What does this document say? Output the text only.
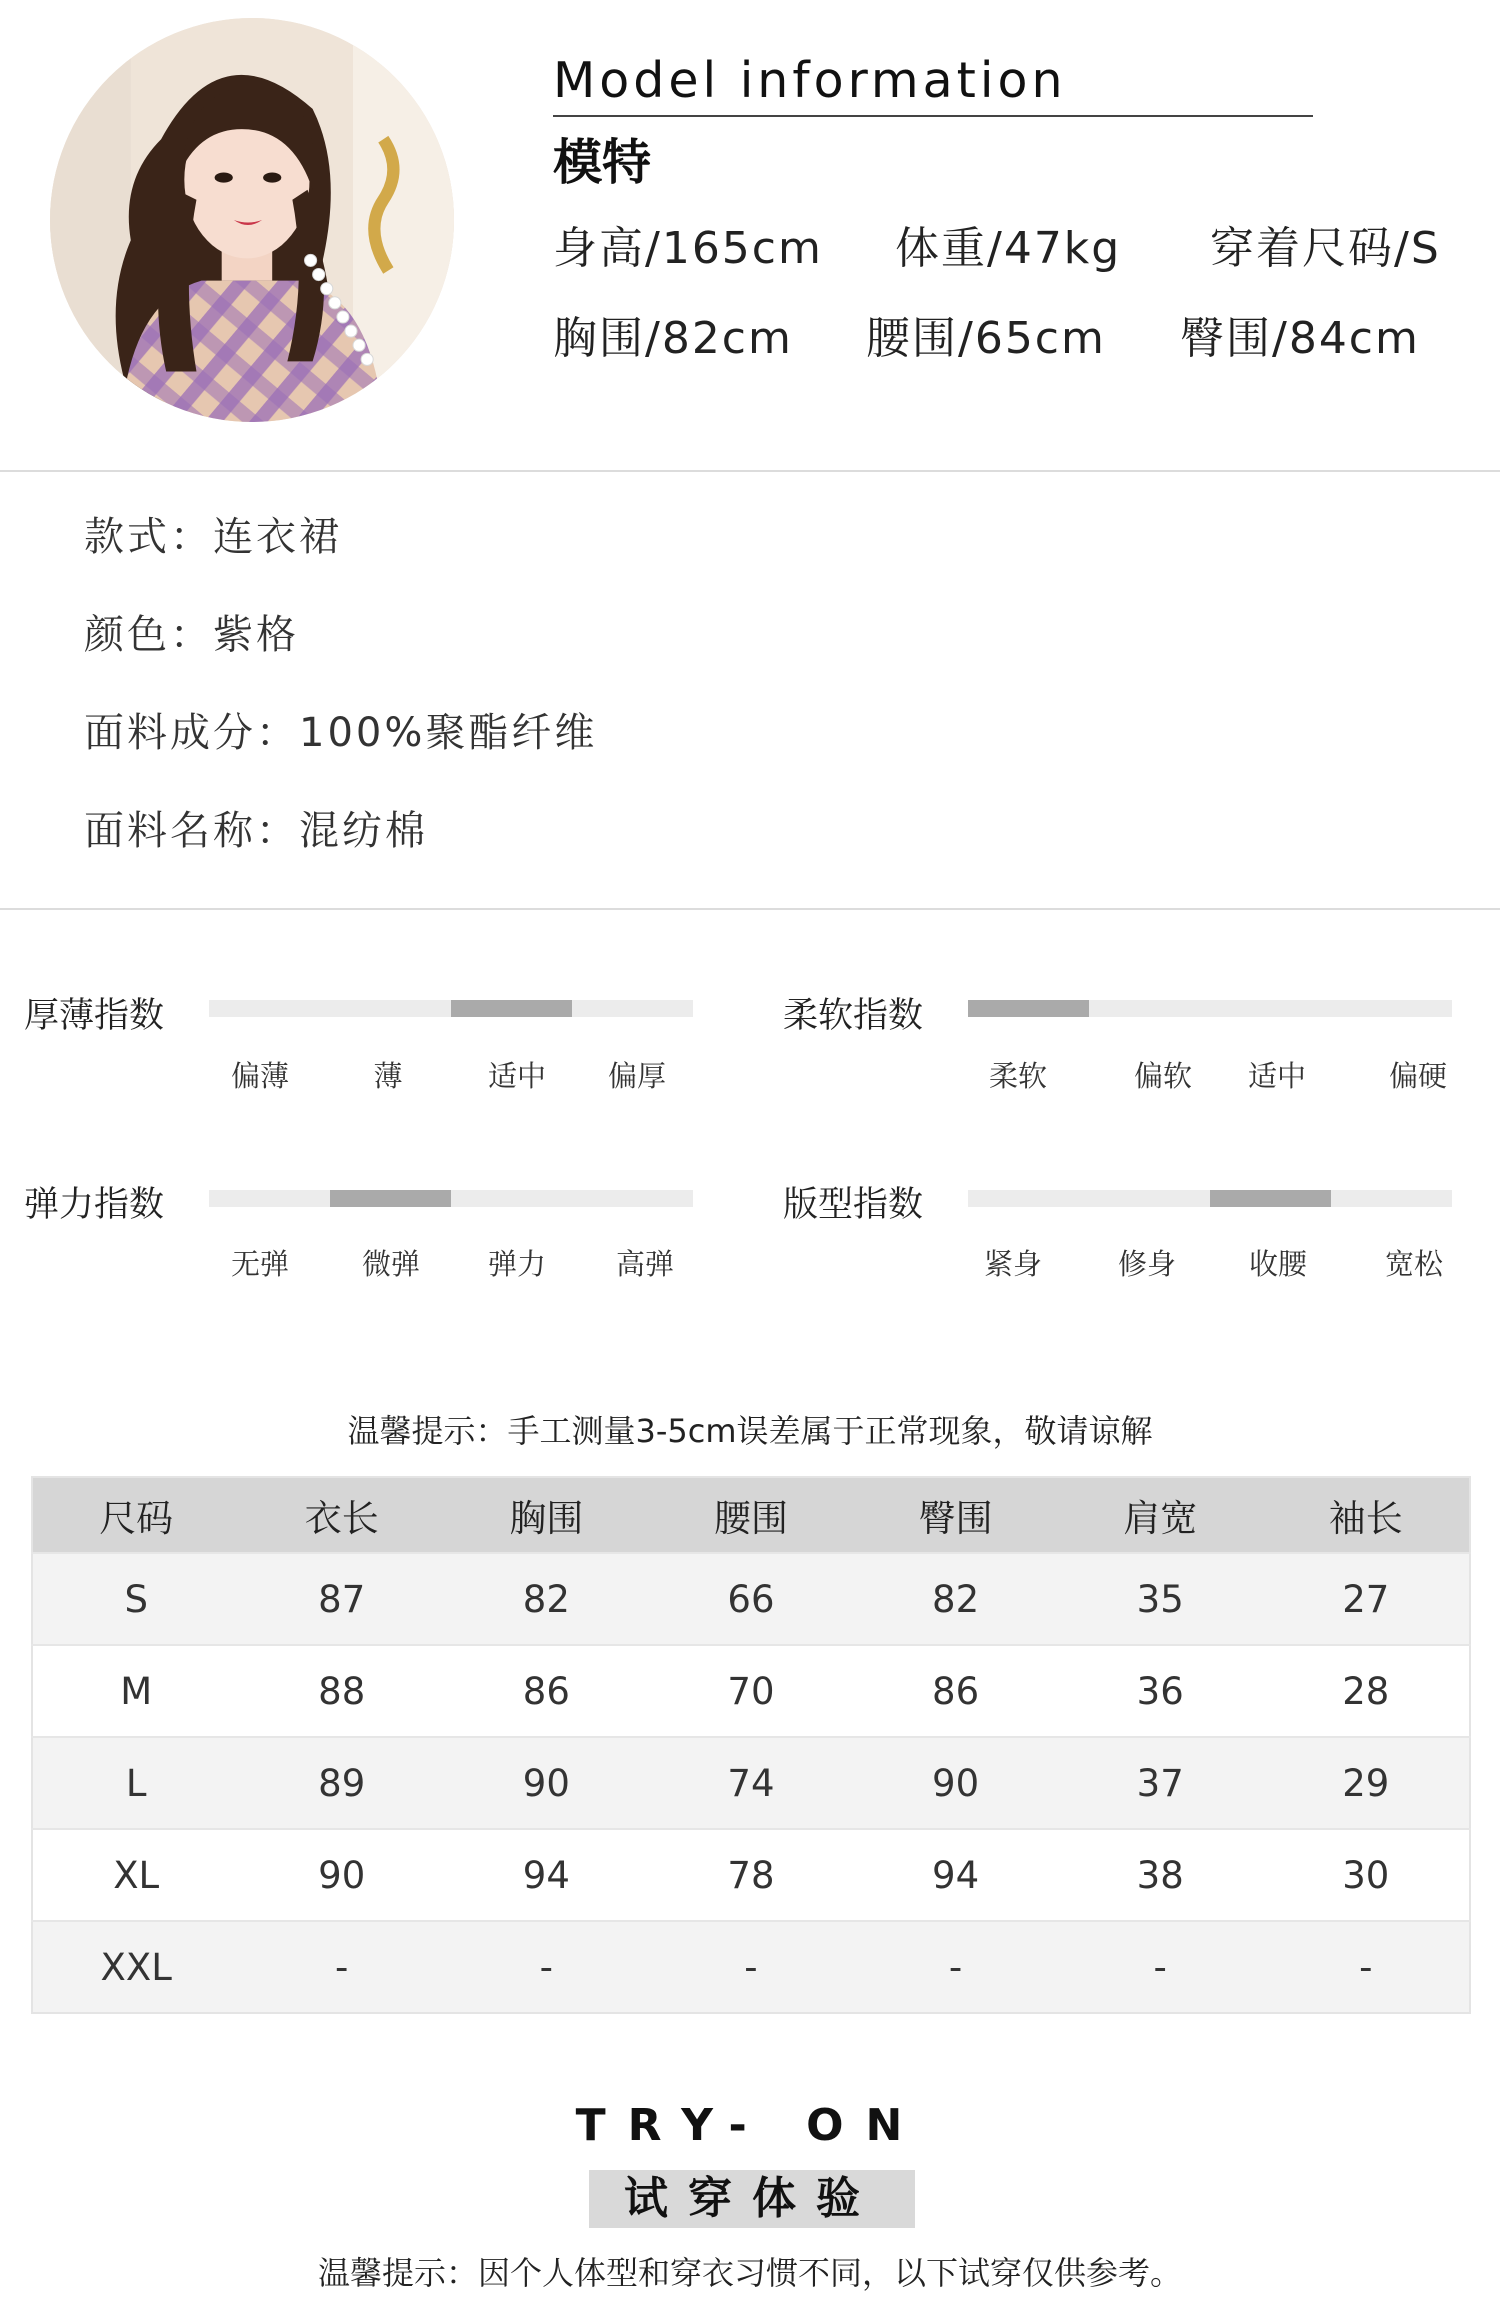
Model information
模特
身高/165cm 体重/47kg 穿着尺码/S
胸围/82cm 腰围/65cm 臀围/84cm
款式：连衣裙
颜色：紫格
面料成分：100%聚酯纤维
面料名称：混纺棉
厚薄指数
偏薄	薄	适中 偏厚
柔软指数
柔软	偏软 适中	偏硬
弹力指数
无弹	微弹 弹力 高弹
版型指数
紧身	修身	收腰	宽松
温馨提示：手工测量3-5cm误差属于正常现象，敬请谅解
尺码	衣长	胸围	腰围	臀围	肩宽	袖长
S	87	82	66	82	35	27
M	88	86	70	86	36	28
L	89	90	74	90	37	29
XL	90	94	78	94	38	30
XXL	-	-	-	-	-	-
TRY- ON
试穿体验
温馨提示：因个人体型和穿衣习惯不同，以下试穿仅供参考。
